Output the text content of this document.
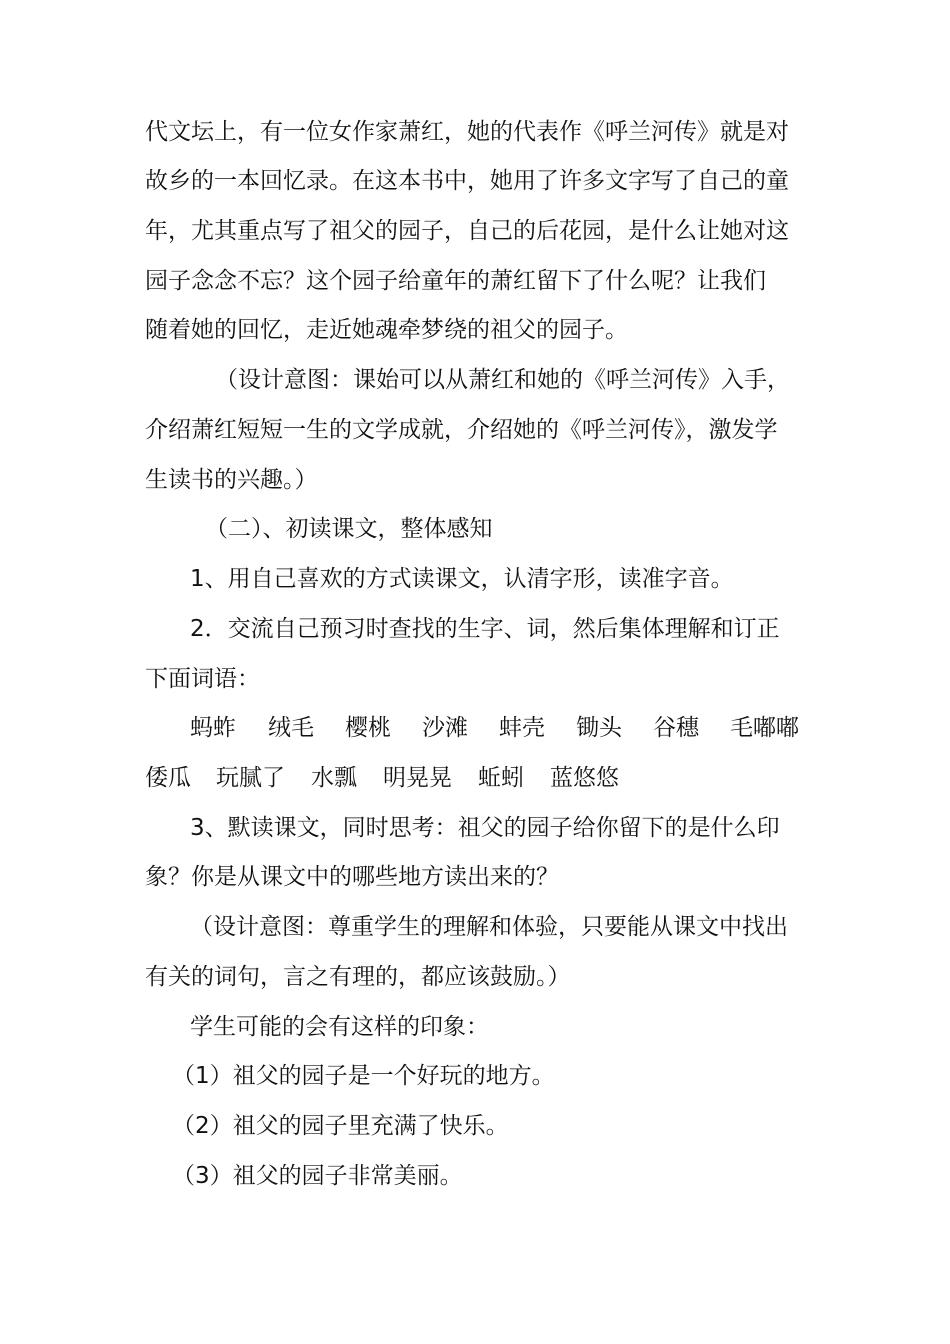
代文坛上，有一位女作家萧红，她的代表作《呼兰河传》就是对
故乡的一本回忆录。在这本书中，她用了许多文字写了自己的童
年，尤其重点写了祖父的园子，自己的后花园，是什么让她对这
园子念念不忘？这个园子给童年的萧红留下了什么呢？让我们
随着她的回忆，走近她魂牵梦绕的祖父的园子。
（设计意图：课始可以从萧红和她的《呼兰河传》入手，
介绍萧红短短一生的文学成就，介绍她的《呼兰河传》，激发学
生读书的兴趣。）
（二）、初读课文，整体感知
1、用自己喜欢的方式读课文，认清字形，读准字音。
2．交流自己预习时查找的生字、词，然后集体理解和订正
下面词语：
蚂蚱 绒毛 樱桃 沙滩 蚌壳 锄头 谷穗 毛嘟嘟
倭瓜 玩腻了 水瓢 明晃晃 蚯蚓 蓝悠悠
3、默读课文，同时思考：祖父的园子给你留下的是什么印
象？你是从课文中的哪些地方读出来的？
（设计意图：尊重学生的理解和体验，只要能从课文中找出
有关的词句，言之有理的，都应该鼓励。）
学生可能的会有这样的印象：
（1）祖父的园子是一个好玩的地方。
（2）祖父的园子里充满了快乐。
（3）祖父的园子非常美丽。
